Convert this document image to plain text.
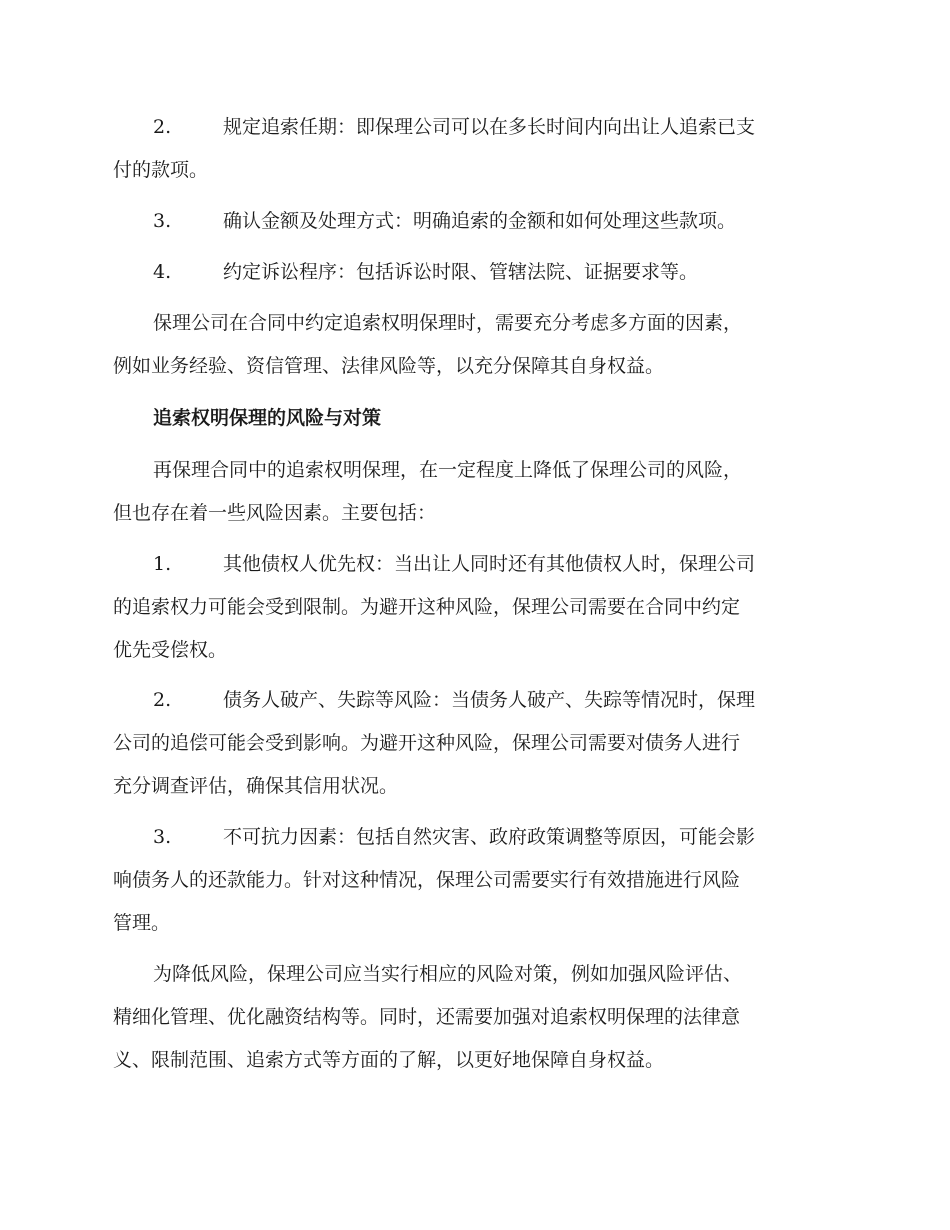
2.	规定追索任期：即保理公司可以在多长时间内向出让人追索已支
付的款项。
3.	确认金额及处理方式：明确追索的金额和如何处理这些款项。
4.	约定诉讼程序：包括诉讼时限、管辖法院、证据要求等。
保理公司在合同中约定追索权明保理时，需要充分考虑多方面的因素，
例如业务经验、资信管理、法律风险等，以充分保障其自身权益。
追索权明保理的风险与对策
再保理合同中的追索权明保理，在一定程度上降低了保理公司的风险，
但也存在着一些风险因素。主要包括：
1.	其他债权人优先权：当出让人同时还有其他债权人时，保理公司
的追索权力可能会受到限制。为避开这种风险，保理公司需要在合同中约定
优先受偿权。
2.	债务人破产、失踪等风险：当债务人破产、失踪等情况时，保理
公司的追偿可能会受到影响。为避开这种风险，保理公司需要对债务人进行
充分调查评估，确保其信用状况。
3.	不可抗力因素：包括自然灾害、政府政策调整等原因，可能会影
响债务人的还款能力。针对这种情况，保理公司需要实行有效措施进行风险
管理。
为降低风险，保理公司应当实行相应的风险对策，例如加强风险评估、
精细化管理、优化融资结构等。同时，还需要加强对追索权明保理的法律意
义、限制范围、追索方式等方面的了解，以更好地保障自身权益。
